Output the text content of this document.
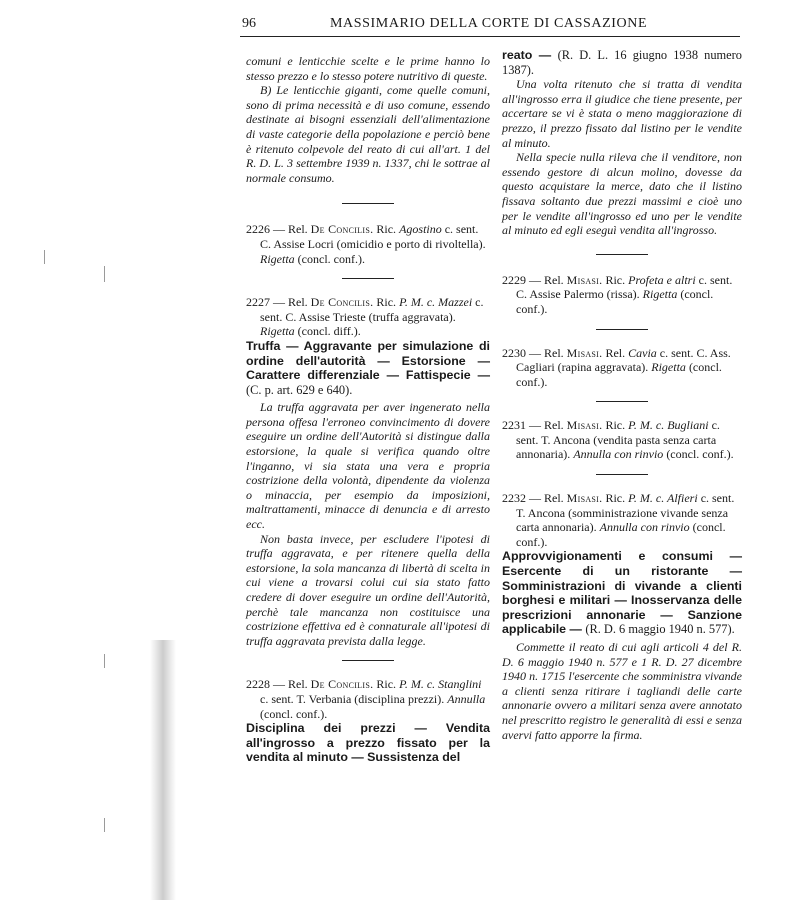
96	MASSIMARIO DELLA CORTE DI CASSAZIONE

comuni e lenticchie scelte e le prime hanno lo stesso prezzo e lo stesso potere nutritivo di queste.

B) Le lenticchie giganti, come quelle comuni, sono di prima necessità e di uso comune, essendo destinate ai bisogni essenziali dell'alimentazione di vaste categorie della popolazione e perciò bene è ritenuto colpevole del reato di cui all'art. 1 del R. D. L. 3 settembre 1939 n. 1337, chi le sottrae al normale consumo.

2226 — Rel. De Concilis. Ric. Agostino c. sent. C. Assise Locri (omicidio e porto di rivoltella). Rigetta (concl. conf.).

2227 — Rel. De Concilis. Ric. P. M. c. Mazzei c. sent. C. Assise Trieste (truffa aggravata). Rigetta (concl. diff.).

Truffa — Aggravante per simulazione di ordine dell'autorità — Estorsione — Carattere differenziale — Fattispecie — (C. p. art. 629 e 640).

La truffa aggravata per aver ingenerato nella persona offesa l'erroneo convincimento di dovere eseguire un ordine dell'Autorità si distingue dalla estorsione, la quale si verifica quando oltre l'inganno, vi sia stata una vera e propria costrizione della volontà, dipendente da violenza o minaccia, per esempio da imposizioni, maltrattamenti, minacce di denuncia e di arresto ecc.

Non basta invece, per escludere l'ipotesi di truffa aggravata, e per ritenere quella della estorsione, la sola mancanza di libertà di scelta in cui viene a trovarsi colui cui sia stato fatto credere di dover eseguire un ordine dell'Autorità, perchè tale mancanza non costituisce una costrizione effettiva ed è connaturale all'ipotesi di truffa aggravata prevista dalla legge.

2228 — Rel. De Concilis. Ric. P. M. c. Stanglini c. sent. T. Verbania (disciplina prezzi). Annulla (concl. conf.).

Disciplina dei prezzi — Vendita all'ingrosso a prezzo fissato per la vendita al minuto — Sussistenza del

reato — (R. D. L. 16 giugno 1938 numero 1387).

Una volta ritenuto che si tratta di vendita all'ingrosso erra il giudice che tiene presente, per accertare se vi è stata o meno maggiorazione di prezzo, il prezzo fissato dal listino per le vendite al minuto.

Nella specie nulla rileva che il venditore, non essendo gestore di alcun molino, dovesse da questo acquistare la merce, dato che il listino fissava soltanto due prezzi massimi e cioè uno per le vendite all'ingrosso ed uno per le vendite al minuto ed egli eseguì vendita all'ingrosso.

2229 — Rel. Misasi. Ric. Profeta e altri c. sent. C. Assise Palermo (rissa). Rigetta (concl. conf.).

2230 — Rel. Misasi. Rel. Cavia c. sent. C. Ass. Cagliari (rapina aggravata). Rigetta (concl. conf.).

2231 — Rel. Misasi. Ric. P. M. c. Bugliani c. sent. T. Ancona (vendita pasta senza carta annonaria). Annulla con rinvio (concl. conf.).

2232 — Rel. Misasi. Ric. P. M. c. Alfieri c. sent. T. Ancona (somministrazione vivande senza carta annonaria). Annulla con rinvio (concl. conf.).

Approvvigionamenti e consumi — Esercente di un ristorante — Somministrazioni di vivande a clienti borghesi e militari — Inosservanza delle prescrizioni annonarie — Sanzione applicabile — (R. D. 6 maggio 1940 n. 577).

Commette il reato di cui agli articoli 4 del R. D. 6 maggio 1940 n. 577 e 1 R. D. 27 dicembre 1940 n. 1715 l'esercente che somministra vivande a clienti senza ritirare i tagliandi delle carte annonarie ovvero a militari senza avere annotato nel prescritto registro le generalità di essi e senza avervi fatto apporre la firma.
